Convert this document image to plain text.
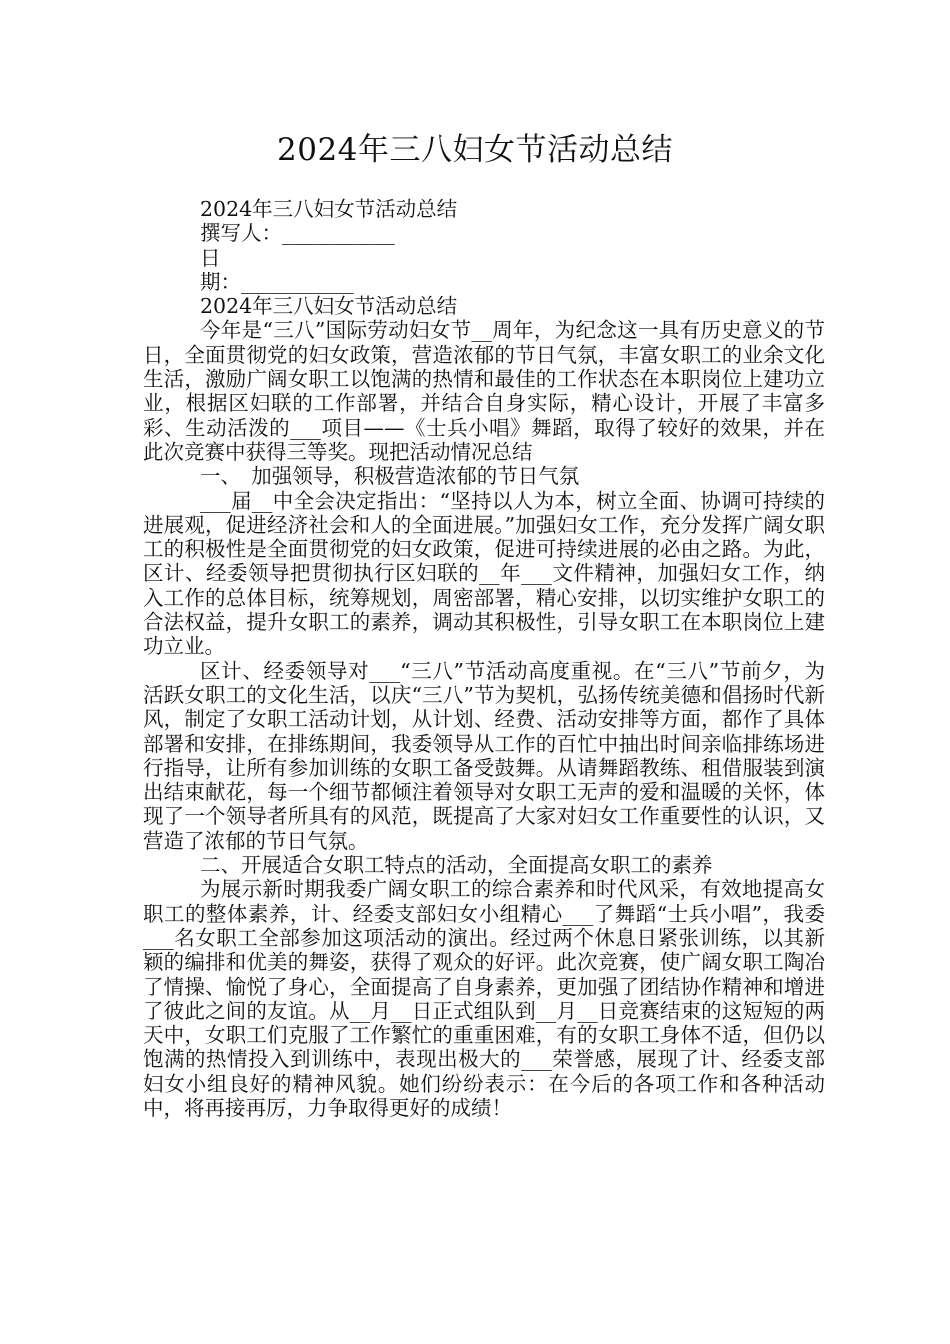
2024年三八妇女节活动总结

2024年三八妇女节活动总结

撰写人：___________

日

期：___________

2024年三八妇女节活动总结

今年是“三八”国际劳动妇女节__周年，为纪念这一具有历史意义的节日，全面贯彻党的妇女政策，营造浓郁的节日气氛，丰富女职工的业余文化生活，激励广阔女职工以饱满的热情和最佳的工作状态在本职岗位上建功立业，根据区妇联的工作部署，并结合自身实际，精心设计，开展了丰富多彩、生动活泼的___项目——《士兵小唱》舞蹈，取得了较好的效果，并在此次竞赛中获得三等奖。现把活动情况总结

一、　加强领导，积极营造浓郁的节日气氛

___届__中全会决定指出：“坚持以人为本，树立全面、协调可持续的进展观，促进经济社会和人的全面进展。”加强妇女工作，充分发挥广阔女职工的积极性是全面贯彻党的妇女政策，促进可持续进展的必由之路。为此，区计、经委领导把贯彻执行区妇联的__年___文件精神，加强妇女工作，纳入工作的总体目标，统筹规划，周密部署，精心安排，以切实维护女职工的合法权益，提升女职工的素养，调动其积极性，引导女职工在本职岗位上建功立业。

区计、经委领导对___“三八”节活动高度重视。在“三八”节前夕，为活跃女职工的文化生活，以庆“三八”节为契机，弘扬传统美德和倡扬时代新风，制定了女职工活动计划，从计划、经费、活动安排等方面，都作了具体部署和安排，在排练期间，我委领导从工作的百忙中抽出时间亲临排练场进行指导，让所有参加训练的女职工备受鼓舞。从请舞蹈教练、租借服装到演出结束献花，每一个细节都倾注着领导对女职工无声的爱和温暖的关怀，体现了一个领导者所具有的风范，既提高了大家对妇女工作重要性的认识，又营造了浓郁的节日气氛。

二、开展适合女职工特点的活动，全面提高女职工的素养

为展示新时期我委广阔女职工的综合素养和时代风采，有效地提高女职工的整体素养，计、经委支部妇女小组精心___了舞蹈“士兵小唱”，我委___名女职工全部参加这项活动的演出。经过两个休息日紧张训练，以其新颖的编排和优美的舞姿，获得了观众的好评。此次竞赛，使广阔女职工陶冶了情操、愉悦了身心，全面提高了自身素养，更加强了团结协作精神和增进了彼此之间的友谊。从__月__日正式组队到__月__日竞赛结束的这短短的两天中，女职工们克服了工作繁忙的重重困难，有的女职工身体不适，但仍以饱满的热情投入到训练中，表现出极大的___荣誉感，展现了计、经委支部妇女小组良好的精神风貌。她们纷纷表示：在今后的各项工作和各种活动中，将再接再厉，力争取得更好的成绩！
